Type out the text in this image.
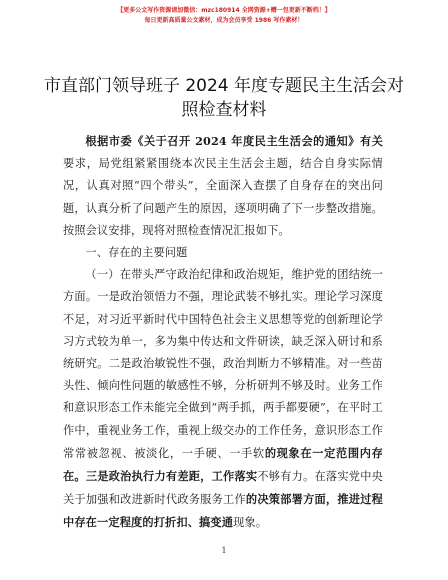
【更多公文写作资源请加微信：mzc180914 全网资源+赠一包更新不断档！】
每日更新高质量公文素材，成为会员享受 1986 写作素材！
市直部门领导班子 2024 年度专题民主生活会对
照检查材料

根据市委《关于召开 2024 年度民主生活会的通知》有关要求，局党组紧紧围绕本次民主生活会主题，结合自身实际情况，认真对照“四个带头”，全面深入查摆了自身存在的突出问题，认真分析了问题产生的原因，逐项明确了下一步整改措施。按照会议安排，现将对照检查情况汇报如下。

一、存在的主要问题

（一）在带头严守政治纪律和政治规矩，维护党的团结统一方面。一是政治领悟力不强，理论武装不够扎实。理论学习深度不足，对习近平新时代中国特色社会主义思想等党的创新理论学习方式较为单一，多为集中传达和文件研读，缺乏深入研讨和系统研究。二是政治敏锐性不强，政治判断力不够精准。对一些苗头性、倾向性问题的敏感性不够，分析研判不够及时。业务工作和意识形态工作未能完全做到“两手抓，两手都要硬”，在平时工作中，重视业务工作，重视上级交办的工作任务，意识形态工作常常被忽视、被淡化，一手硬、一手软的现象在一定范围内存在。三是政治执行力有差距，工作落实不够有力。在落实党中央关于加强和改进新时代政务服务工作的决策部署方面，推进过程中存在一定程度的打折扣、搞变通现象。

1
